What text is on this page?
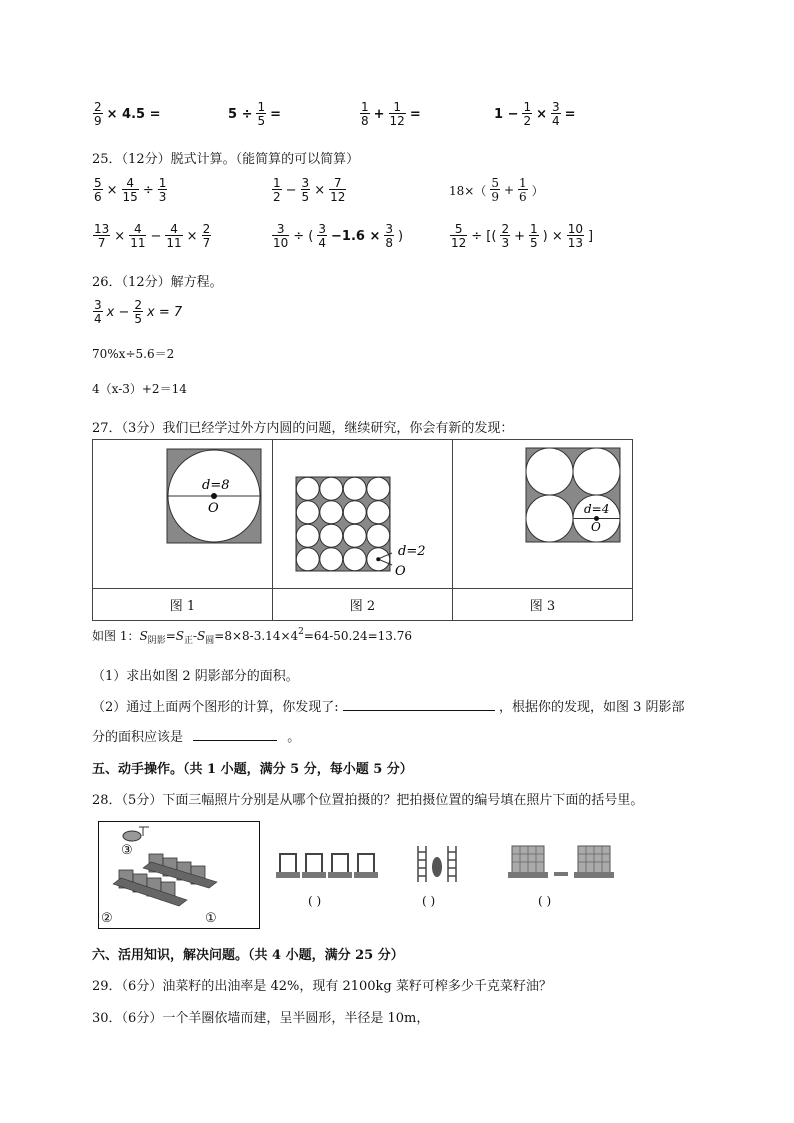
$\frac{2}{9} \times 4.5$ =	$5 \div \frac{1}{5}$ =	$\frac{1}{8} + \frac{1}{12}$ =	$1 - \frac{1}{2} \times \frac{3}{4}$ =
25．（12分）脱式计算。（能简算的可以简算）
$\frac{5}{6} \times \frac{4}{15} \div \frac{1}{3}$	$\frac{1}{2} - \frac{3}{5} \times \frac{7}{12}$	$18\times( \frac{5}{9} + \frac{1}{6}$ ）
$\frac{13}{7} \times \frac{4}{11} - \frac{4}{11} \times \frac{2}{7}$	$\frac{3}{10}$ ÷ ( $\frac{3}{4} -1.6 \times \frac{3}{8}$ )	$\frac{5}{12}$ ÷ [( $\frac{2}{3} + \frac{1}{5}$ ) × $\frac{10}{13}$ ]
26．（12分）解方程。
$\frac{3}{4}$ $x - \frac{2}{5}$ x = 7
70%x÷5.6＝2
4（x-3）+2＝14
27．（3分）我们已经学过外方内圆的问题，继续研究，你会有新的发现：
d=8
O	d=2
O	d=4
O

图 1	图 2	图 3
如图 1：$S_{阴影}=S_正-S_圆=8\times 8-3.14\times 4^2=64-50.24=13.76$
（1）求出如图 2 阴影部分的面积。
（2）通过上面两个图形的计算，你发现了:	，根据你的发现，如图 3 阴影部
分的面积应该是	。
五、动手操作。（共 1 小题，满分 5 分，每小题 5 分）
28．（5分）下面三幅照片分别是从哪个位置拍摄的？把拍摄位置的编号填在照片下面的括号里。
③
②	①
( )	( )	( )
六、活用知识，解决问题。（共 4 小题，满分 25 分）
29．（6分）油菜籽的出油率是 42%，现有 2100kg 菜籽可榨多少千克菜籽油？
30．（6分）一个羊圈依墙而建，呈半圆形，半径是 10m，
